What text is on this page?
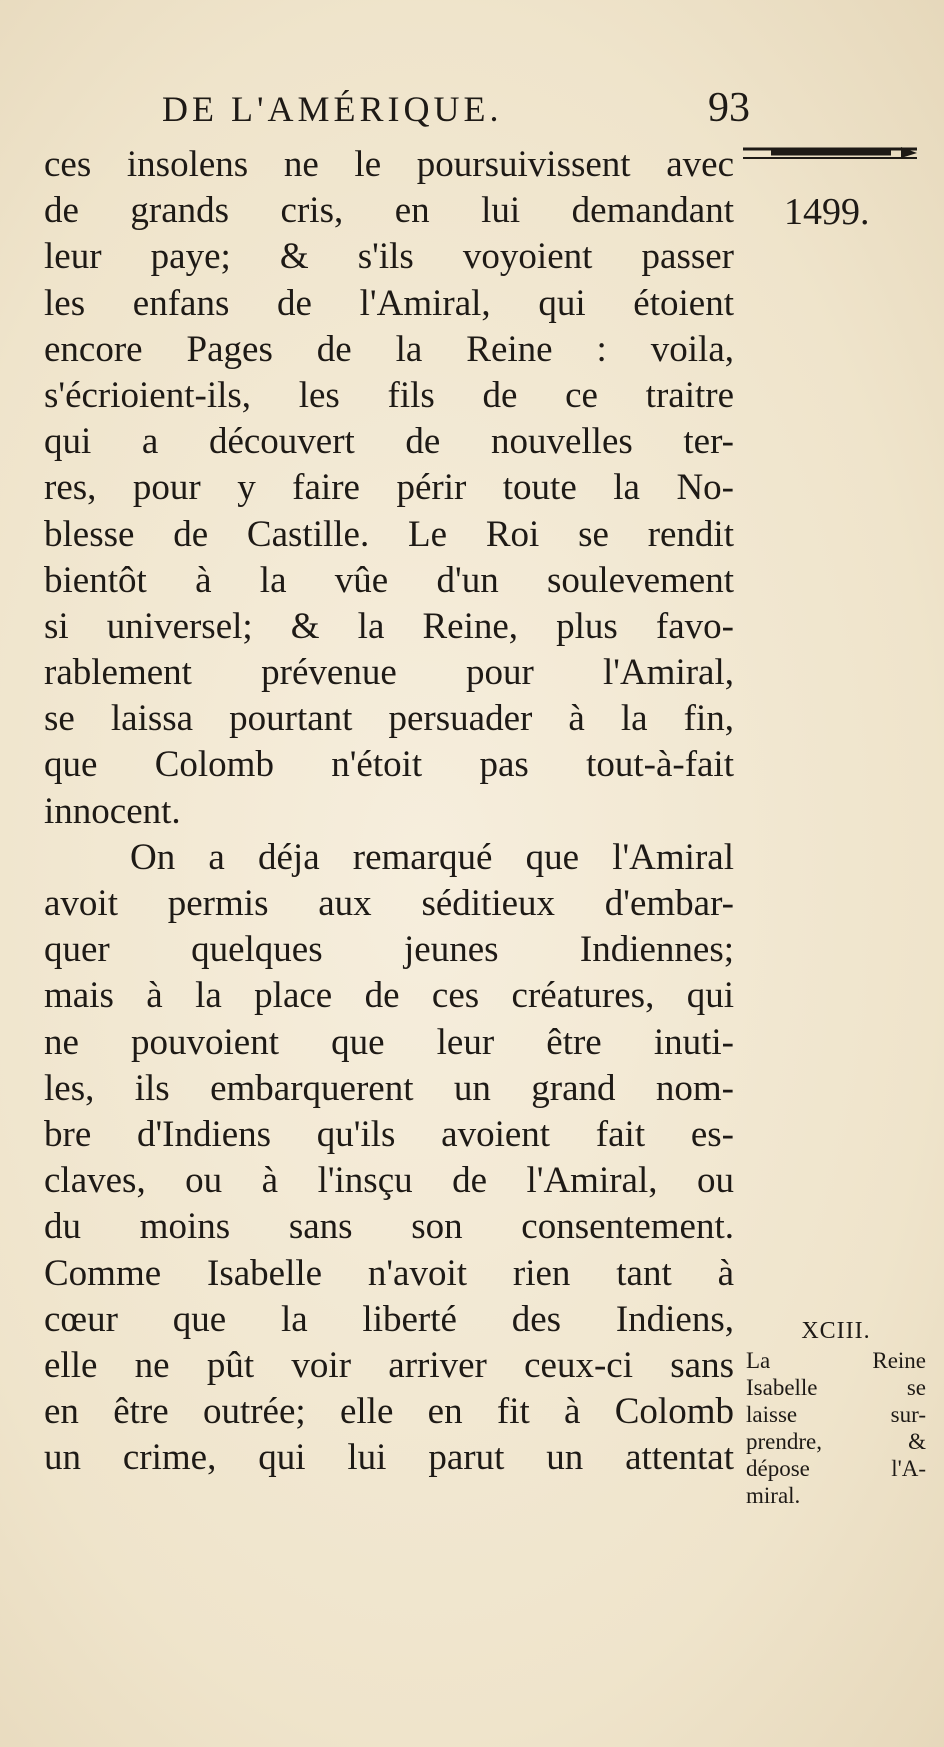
DE L'AMÉRIQUE.	93
1499.
ces insolens ne le poursuivissent avec
de grands cris, en lui demandant
leur paye; & s'ils voyoient passer
les enfans de l'Amiral, qui étoient
encore Pages de la Reine : voila,
s'écrioient-ils, les fils de ce traitre
qui a découvert de nouvelles ter-
res, pour y faire périr toute la No-
blesse de Castille. Le Roi se rendit
bientôt à la vûe d'un soulevement
si universel; & la Reine, plus favo-
rablement prévenue pour l'Amiral,
se laissa pourtant persuader à la fin,
que Colomb n'étoit pas tout-à-fait
innocent.
On a déja remarqué que l'Amiral
avoit permis aux séditieux d'embar-
quer quelques jeunes Indiennes;
mais à la place de ces créatures, qui
ne pouvoient que leur être inuti-
les, ils embarquerent un grand nom-
bre d'Indiens qu'ils avoient fait es-
claves, ou à l'insçu de l'Amiral, ou
du moins sans son consentement.
Comme Isabelle n'avoit rien tant à
cœur que la liberté des Indiens,
elle ne pût voir arriver ceux-ci sans
en être outrée; elle en fit à Colomb
un crime, qui lui parut un attentat
XCIII.
La Reine
Isabelle se
laisse sur-
prendre, &
dépose l'A-
miral.
